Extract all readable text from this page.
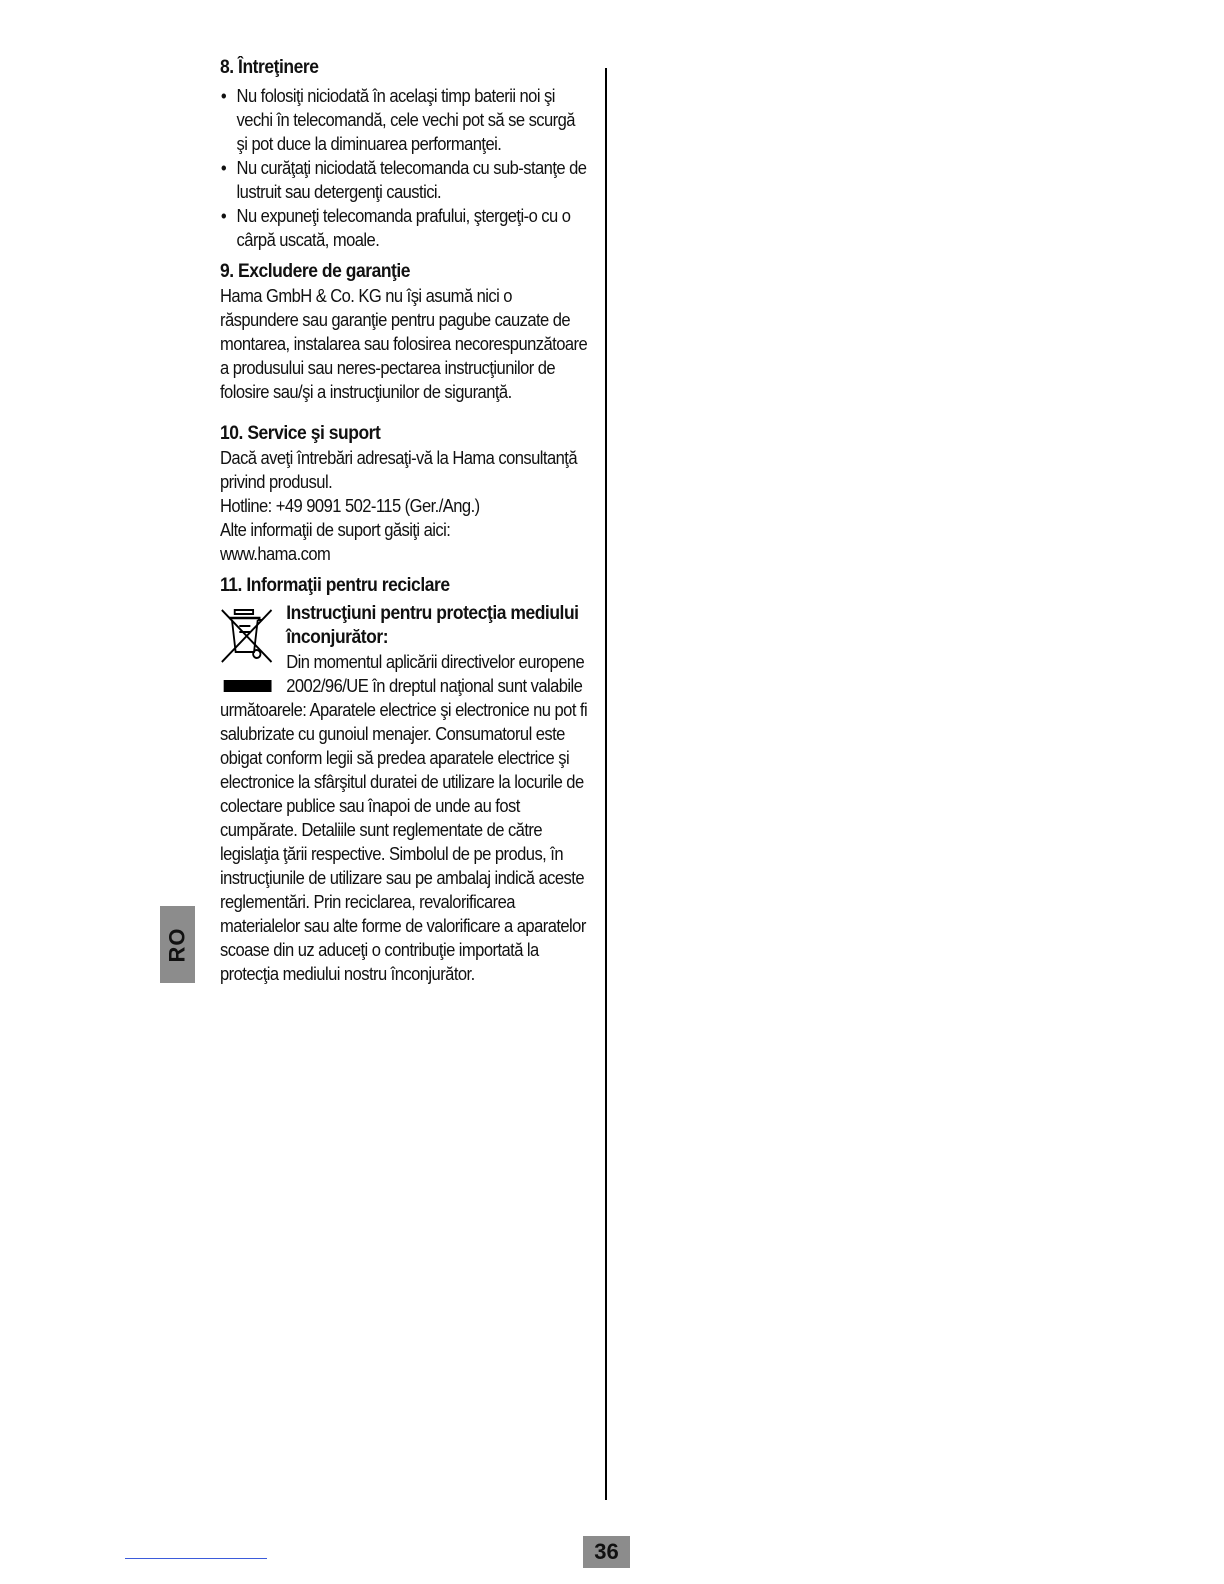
8. Întreţinere
• Nu folosiţi niciodată în acelaşi timp baterii noi şi vechi în telecomandă, cele vechi pot să se scurgă şi pot duce la diminuarea performanţei.
• Nu curăţaţi niciodată telecomanda cu sub-stanţe de lustruit sau detergenţi caustici.
• Nu expuneţi telecomanda prafului, ştergeţi-o cu o cârpă uscată, moale.
9. Excludere de garanţie

Hama GmbH & Co. KG nu îşi asumă nici o răspundere sau garanţie pentru pagube cauzate de montarea, instalarea sau folosirea necorespunzătoare a produsului sau neres-pectarea instrucţiunilor de folosire sau/şi a instrucţiunilor de siguranţă.

10. Service şi suport

Dacă aveţi întrebări adresaţi-vă la Hama consultanţă privind produsul.

Hotline: +49 9091 502-115 (Ger./Ang.)

Alte informaţii de suport găsiţi aici:

www.hama.com

11. Informaţii pentru reciclare

Instrucţiuni pentru protecţia mediului înconjurător:

Din momentul aplicării directivelor europene 2002/96/UE în dreptul naţional sunt valabile următoarele: Aparatele electrice şi electronice nu pot fi salubrizate cu gunoiul menajer. Consumatorul este obigat conform legii să predea aparatele electrice şi electronice la sfârşitul duratei de utilizare la locurile de colectare publice sau înapoi de unde au fost cumpărate. Detaliile sunt reglementate de către legislaţia ţării respective. Simbolul de pe produs, în instrucţiunile de utilizare sau pe ambalaj indică aceste reglementări. Prin reciclarea, revalorificarea materialelor sau alte forme de valorificare a aparatelor scoase din uz aduceţi o contribuţie importată la protecţia mediului nostru înconjurător.

RO
36
